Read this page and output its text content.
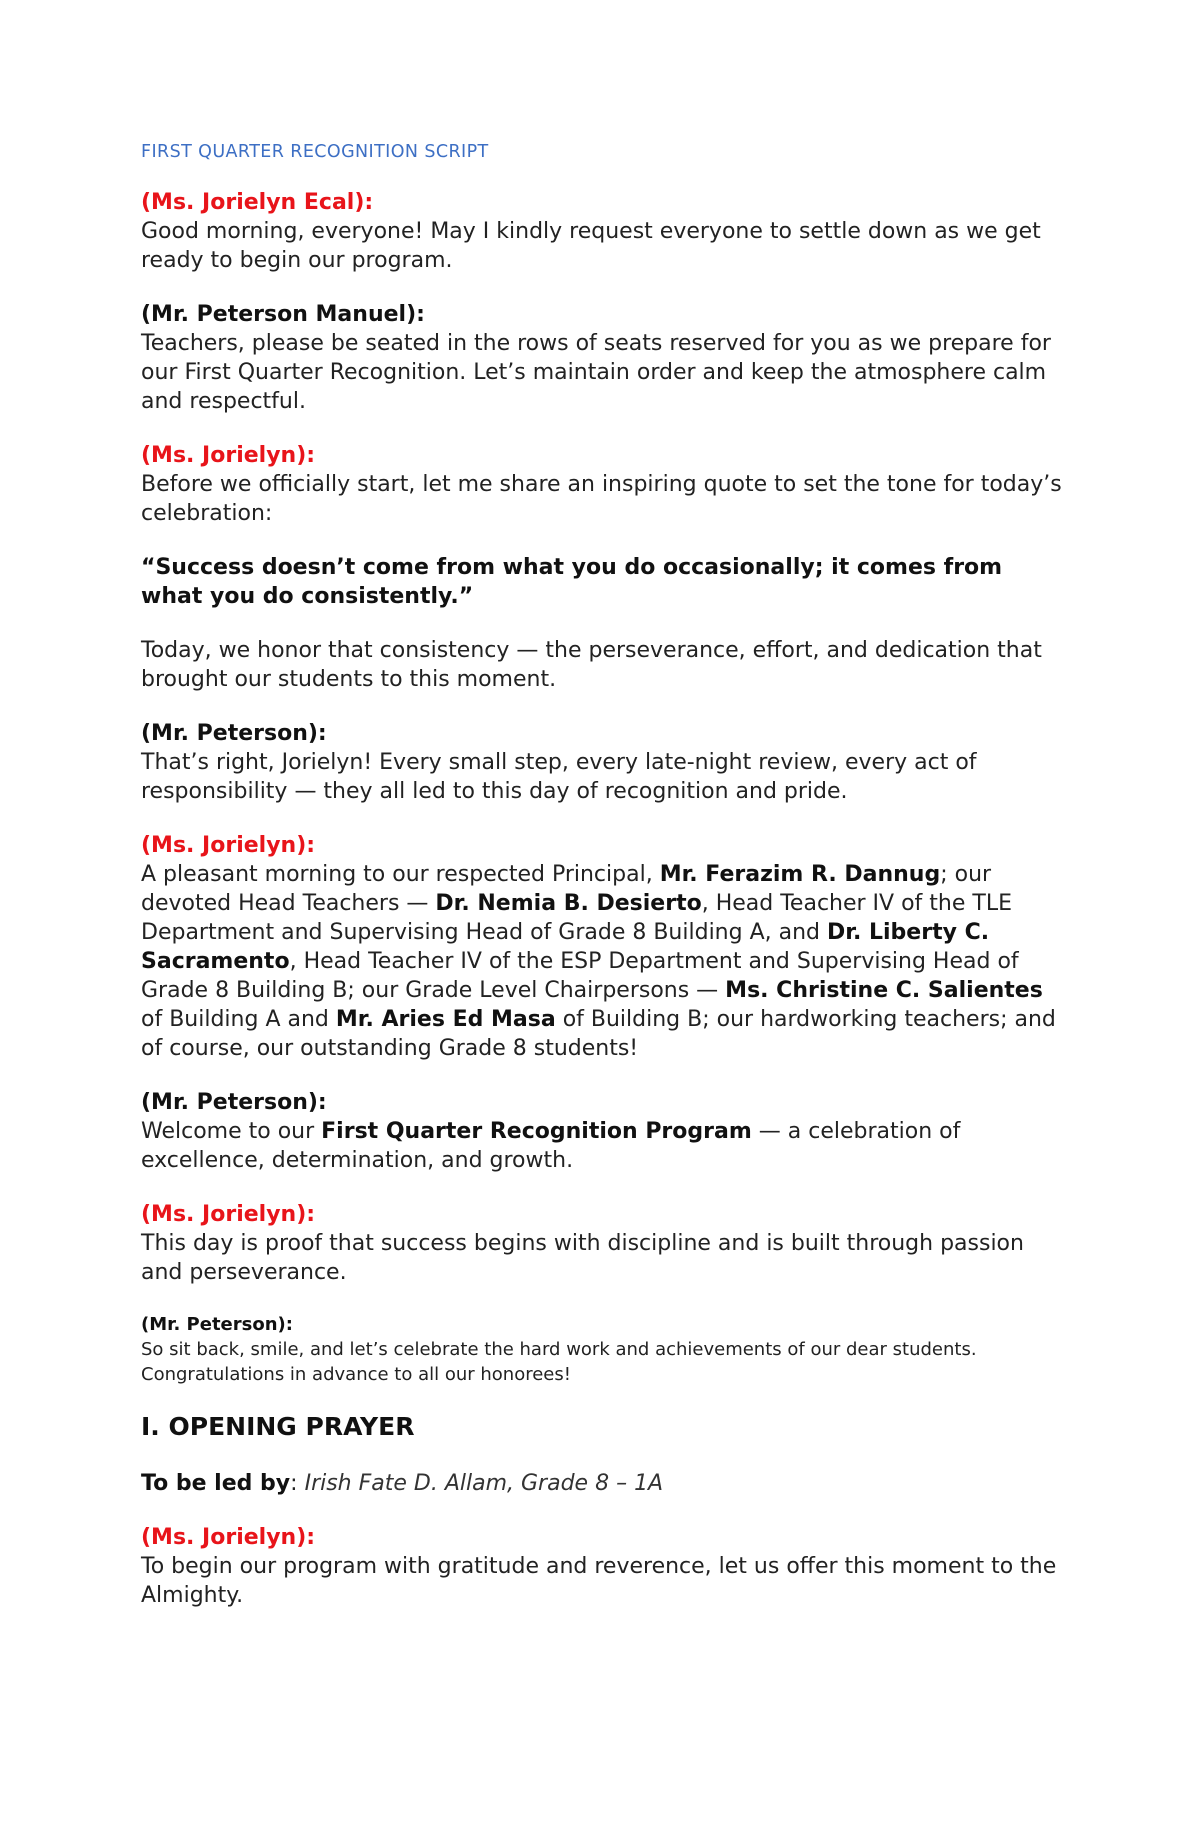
FIRST QUARTER RECOGNITION SCRIPT
(Ms. Jorielyn Ecal):
Good morning, everyone! May I kindly request everyone to settle down as we get ready to begin our program.
(Mr. Peterson Manuel):
Teachers, please be seated in the rows of seats reserved for you as we prepare for our First Quarter Recognition. Let’s maintain order and keep the atmosphere calm and respectful.
(Ms. Jorielyn):
Before we officially start, let me share an inspiring quote to set the tone for today’s celebration:
“Success doesn’t come from what you do occasionally; it comes from what you do consistently.”
Today, we honor that consistency — the perseverance, effort, and dedication that brought our students to this moment.
(Mr. Peterson):
That’s right, Jorielyn! Every small step, every late-night review, every act of responsibility — they all led to this day of recognition and pride.
(Ms. Jorielyn):
A pleasant morning to our respected Principal, Mr. Ferazim R. Dannug; our devoted Head Teachers — Dr. Nemia B. Desierto, Head Teacher IV of the TLE Department and Supervising Head of Grade 8 Building A, and Dr. Liberty C. Sacramento, Head Teacher IV of the ESP Department and Supervising Head of Grade 8 Building B; our Grade Level Chairpersons — Ms. Christine C. Salientes of Building A and Mr. Aries Ed Masa of Building B; our hardworking teachers; and of course, our outstanding Grade 8 students!
(Mr. Peterson):
Welcome to our First Quarter Recognition Program — a celebration of excellence, determination, and growth.
(Ms. Jorielyn):
This day is proof that success begins with discipline and is built through passion and perseverance.
(Mr. Peterson):
So sit back, smile, and let’s celebrate the hard work and achievements of our dear students. Congratulations in advance to all our honorees!
I. OPENING PRAYER
To be led by: Irish Fate D. Allam, Grade 8 – 1A
(Ms. Jorielyn):
To begin our program with gratitude and reverence, let us offer this moment to the Almighty.
